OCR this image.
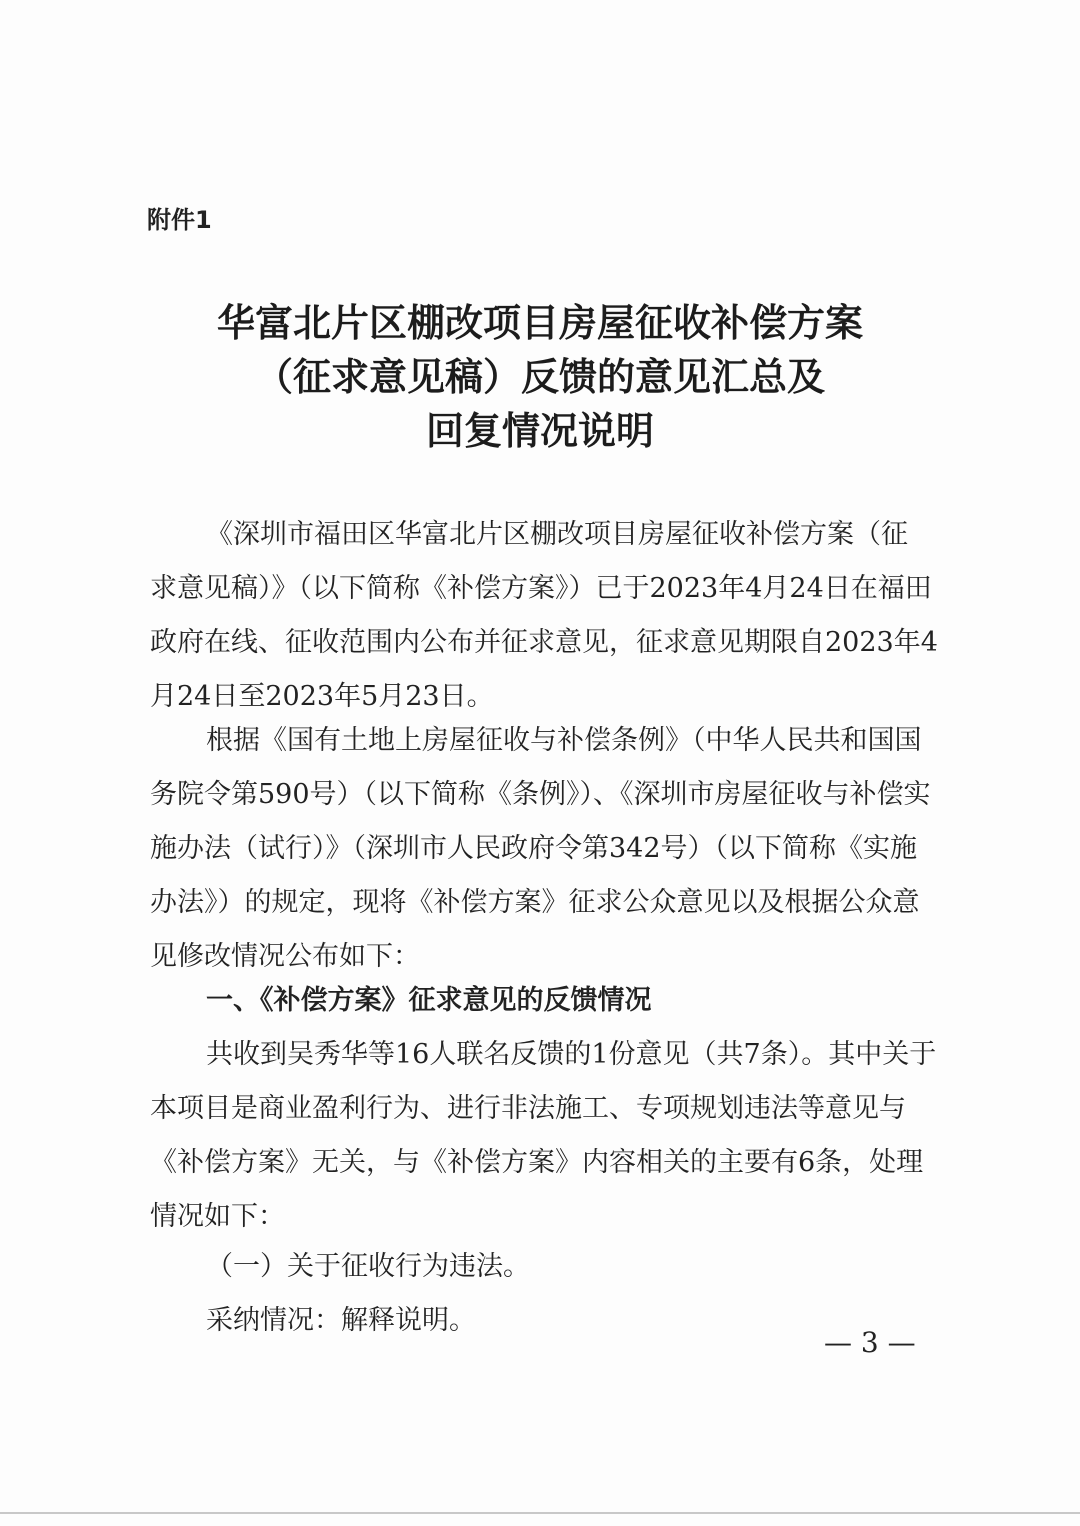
附件1
华富北片区棚改项目房屋征收补偿方案
（征求意见稿）反馈的意见汇总及
回复情况说明
《深圳市福田区华富北片区棚改项目房屋征收补偿方案（征
求意见稿）》（以下简称《补偿方案》）已于2023年4月24日在福田
政府在线、征收范围内公布并征求意见，征求意见期限自2023年4
月24日至2023年5月23日。
根据《国有土地上房屋征收与补偿条例》（中华人民共和国国
务院令第590号）（以下简称《条例》）、《深圳市房屋征收与补偿实
施办法（试行）》（深圳市人民政府令第342号）（以下简称《实施
办法》）的规定，现将《补偿方案》征求公众意见以及根据公众意
见修改情况公布如下：
一、《补偿方案》征求意见的反馈情况
共收到吴秀华等16人联名反馈的1份意见（共7条）。其中关于
本项目是商业盈利行为、进行非法施工、专项规划违法等意见与
《补偿方案》无关，与《补偿方案》内容相关的主要有6条，处理
情况如下：
（一）关于征收行为违法。
采纳情况：解释说明。
— 3 —
